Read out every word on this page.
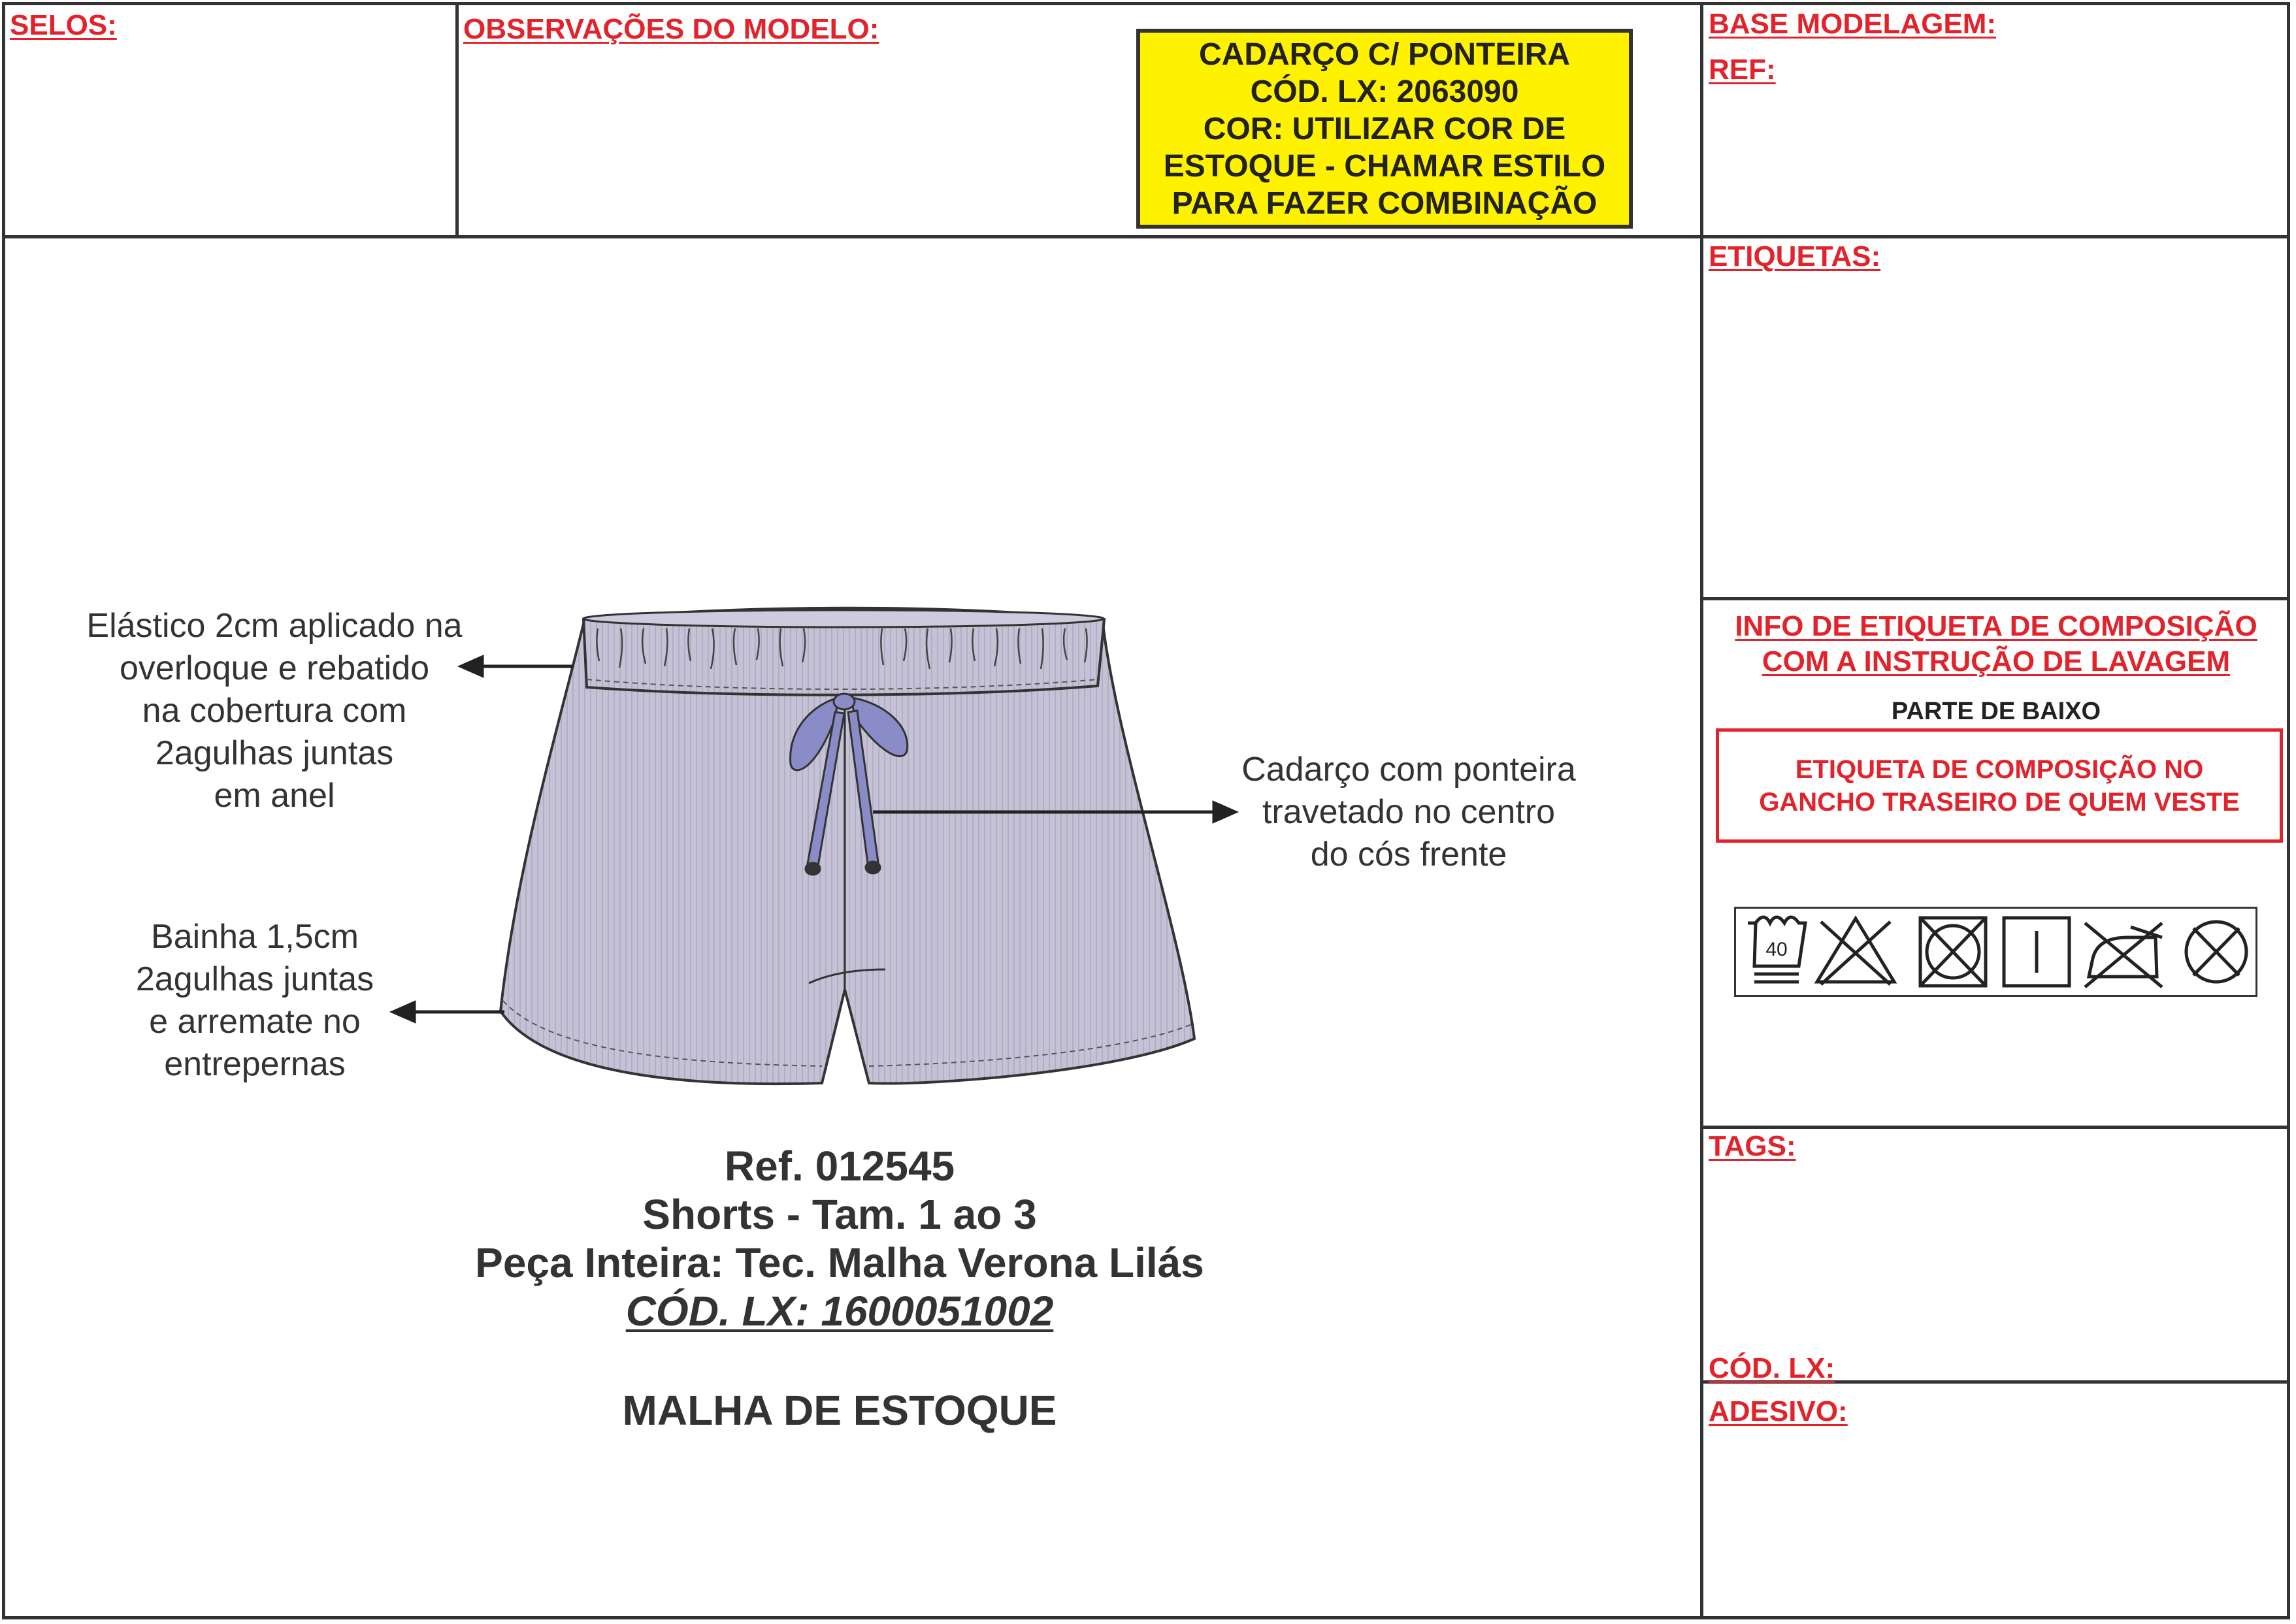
SELOS:	OBSERVAÇÕES DO MODELO:
CADARÇO C/ PONTEIRA
CÓD. LX: 2063090
COR: UTILIZAR COR DE
ESTOQUE - CHAMAR ESTILO
PARA FAZER COMBINAÇÃO
BASE MODELAGEM:
REF:
ETIQUETAS:
INFO DE ETIQUETA DE COMPOSIÇÃO
COM A INSTRUÇÃO DE LAVAGEM
PARTE DE BAIXO
ETIQUETA DE COMPOSIÇÃO NO
GANCHO TRASEIRO DE QUEM VESTE
40
TAGS:
CÓD. LX:
ADESIVO:
Elástico 2cm aplicado na
overloque e rebatido
na cobertura com
2agulhas juntas
em anel
Cadarço com ponteira
travetado no centro
do cós frente
Bainha 1,5cm
2agulhas juntas
e arremate no
entrepernas
Ref. 012545
Shorts - Tam. 1 ao 3
Peça Inteira: Tec. Malha Verona Lilás
CÓD. LX: 1600051002
MALHA DE ESTOQUE
